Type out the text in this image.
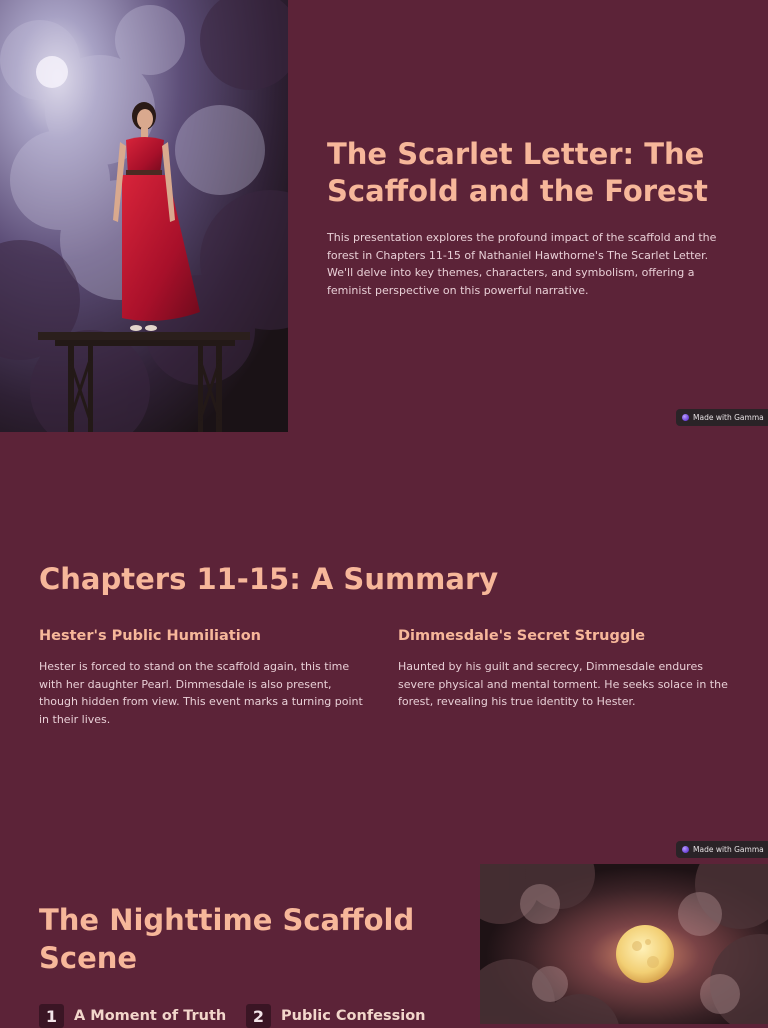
The Scarlet Letter: The Scaffold and the Forest

This presentation explores the profound impact of the scaffold and the forest in Chapters 11-15 of Nathaniel Hawthorne's The Scarlet Letter. We'll delve into key themes, characters, and symbolism, offering a feminist perspective on this powerful narrative.

Made with Gamma
Chapters 11-15: A Summary
Hester's Public Humiliation

Hester is forced to stand on the scaffold again, this time with her daughter Pearl. Dimmesdale is also present, though hidden from view. This event marks a turning point in their lives.

Dimmesdale's Secret Struggle

Haunted by his guilt and secrecy, Dimmesdale endures severe physical and mental torment. He seeks solace in the forest, revealing his true identity to Hester.

Made with Gamma
The Nighttime Scaffold Scene
1	A Moment of Truth	2	Public Confession
